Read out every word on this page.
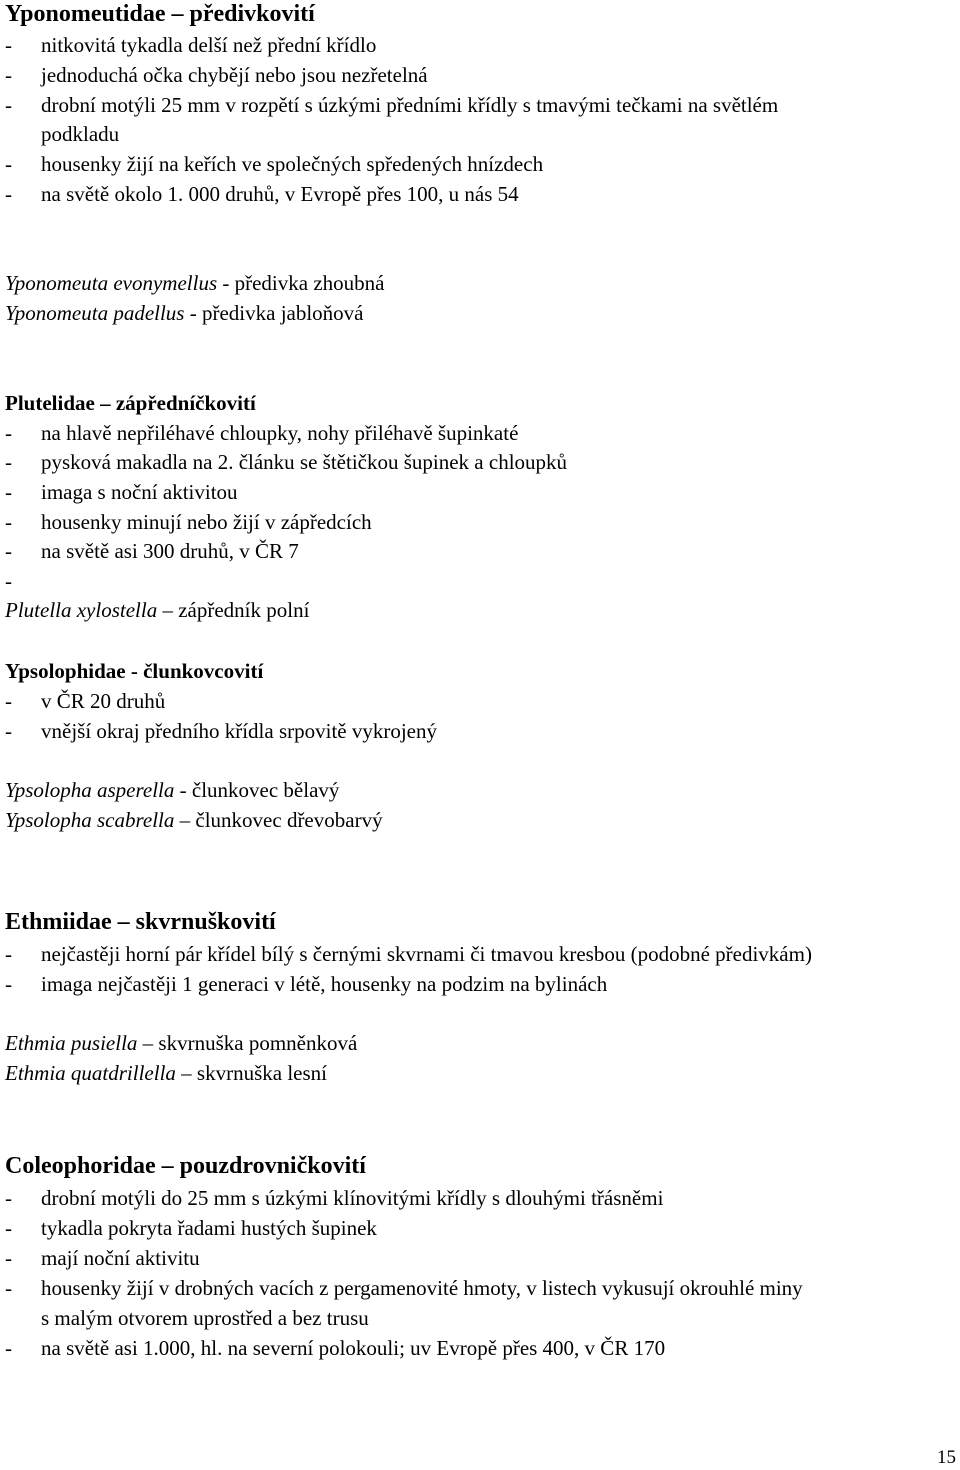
Yponomeutidae – předivkovití
- nitkovitá tykadla delší než přední křídlo
- jednoduchá očka chybějí nebo jsou nezřetelná
- drobní motýli 25 mm v rozpětí s úzkými předními křídly s tmavými tečkami na světlém
podkladu
- housenky žijí na keřích ve společných spředených hnízdech
- na světě okolo 1. 000 druhů, v Evropě přes 100, u nás 54
Yponomeuta evonymellus - předivka zhoubná
Yponomeuta padellus - předivka jabloňová
Plutelidae – zápředníčkovití
- na hlavě nepřiléhavé chloupky, nohy přiléhavě šupinkaté
- pysková makadla na 2. článku se štětičkou šupinek a chloupků
- imaga s noční aktivitou
- housenky minují nebo žijí v zápředcích
- na světě asi 300 druhů, v ČR 7
-
Plutella xylostella – zápředník polní
Ypsolophidae - člunkovcovití
- v ČR 20 druhů
- vnější okraj předního křídla srpovitě vykrojený
Ypsolopha asperella - člunkovec bělavý
Ypsolopha scabrella – člunkovec dřevobarvý
Ethmiidae – skvrnuškovití
- nejčastěji horní pár křídel bílý s černými skvrnami či tmavou kresbou (podobné předivkám)
- imaga nejčastěji 1 generaci v létě, housenky na podzim na bylinách
Ethmia pusiella – skvrnuška pomněnková
Ethmia quatdrillella – skvrnuška lesní
Coleophoridae – pouzdrovničkovití
- drobní motýli do 25 mm s úzkými klínovitými křídly s dlouhými třásněmi
- tykadla pokryta řadami hustých šupinek
- mají noční aktivitu
- housenky žijí v drobných vacích z pergamenovité hmoty, v listech vykusují okrouhlé miny
s malým otvorem uprostřed a bez trusu
- na světě asi 1.000, hl. na severní polokouli; uv Evropě přes 400, v ČR 170
15
